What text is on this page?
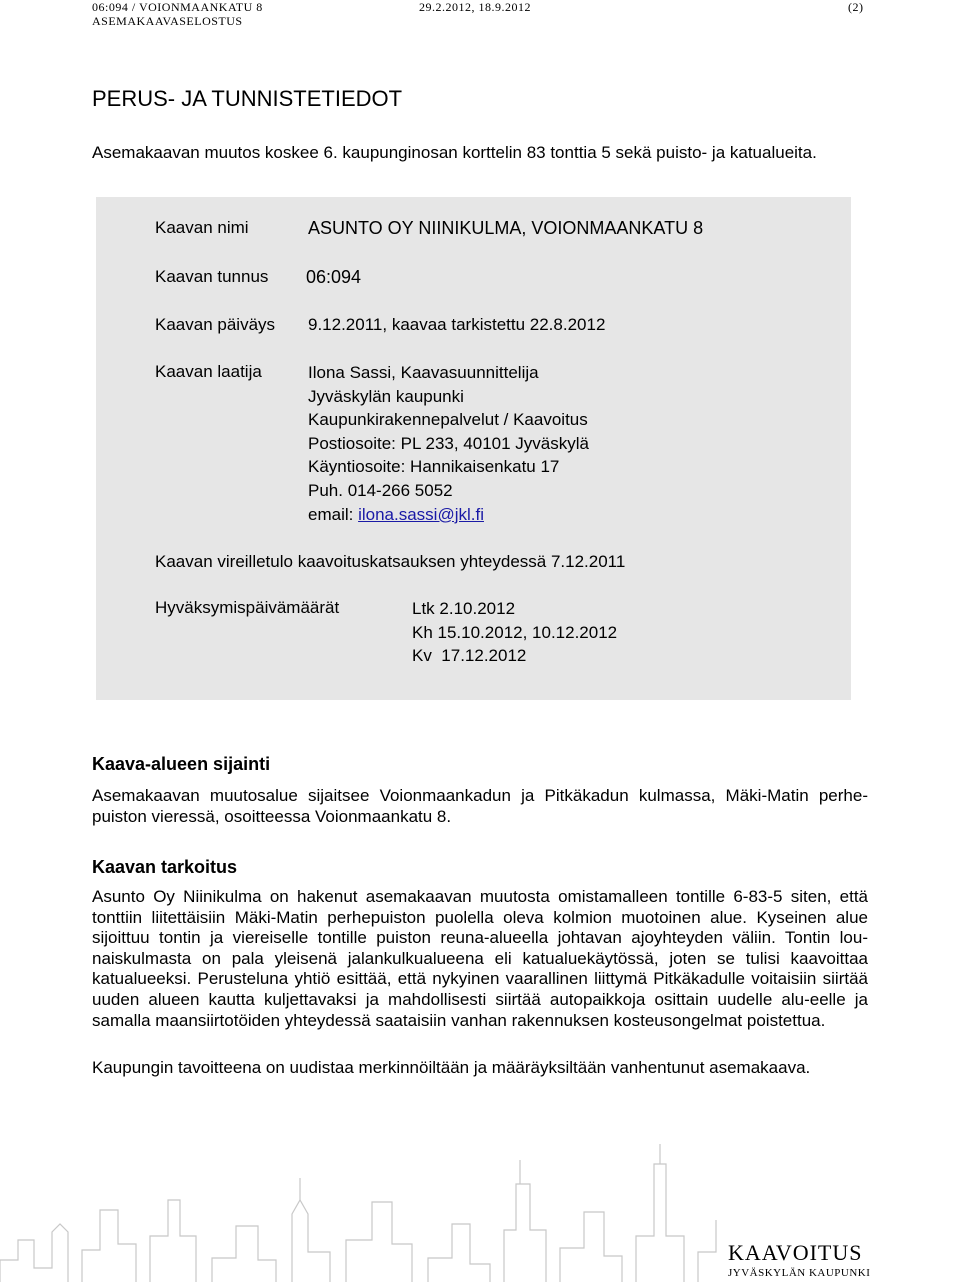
06:094 / VOIONMAANKATU 8	29.2.2012, 18.9.2012	(2)
ASEMAKAAVASELOSTUS
PERUS- JA TUNNISTETIEDOT

Asemakaavan muutos koskee 6. kaupunginosan korttelin 83 tonttia 5 sekä puisto- ja katualueita.

Kaavan nimi	ASUNTO OY NIINIKULMA, VOIONMAANKATU 8
Kaavan tunnus 06:094
Kaavan päiväys 9.12.2011, kaavaa tarkistettu 22.8.2012
Kaavan laatija	Ilona Sassi, Kaavasuunnittelija
Jyväskylän kaupunki
Kaupunkirakennepalvelut / Kaavoitus
Postiosoite: PL 233, 40101 Jyväskylä
Käyntiosoite: Hannikaisenkatu 17
Puh. 014-266 5052
email: ilona.sassi@jkl.fi
Kaavan vireilletulo kaavoituskatsauksen yhteydessä 7.12.2011
Hyväksymispäivämäärät	Ltk 2.10.2012
Kh 15.10.2012, 10.12.2012
Kv  17.12.2012
Kaava-alueen sijainti

Asemakaavan muutosalue sijaitsee Voionmaankadun ja Pitkäkadun kulmassa, Mäki-Matin perhe-puiston vieressä, osoitteessa Voionmaankatu 8.

Kaavan tarkoitus

Asunto Oy Niinikulma on hakenut asemakaavan muutosta omistamalleen tontille 6-83-5 siten, että tonttiin liitettäisiin Mäki-Matin perhepuiston puolella oleva kolmion muotoinen alue. Kyseinen alue sijoittuu tontin ja viereiselle tontille puiston reuna-alueella johtavan ajoyhteyden väliin. Tontin lou-naiskulmasta on pala yleisenä jalankulkualueena eli katualuekäytössä, joten se tulisi kaavoittaa katualueeksi. Perusteluna yhtiö esittää, että nykyinen vaarallinen liittymä Pitkäkadulle voitaisiin siirtää uuden alueen kautta kuljettavaksi ja mahdollisesti siirtää autopaikkoja osittain uudelle alu-eelle ja samalla maansiirtotöiden yhteydessä saataisiin vanhan rakennuksen kosteusongelmat poistettua.

Kaupungin tavoitteena on uudistaa merkinnöiltään ja määräyksiltään vanhentunut asemakaava.

KAAVOITUS
JYVÄSKYLÄN KAUPUNKI
